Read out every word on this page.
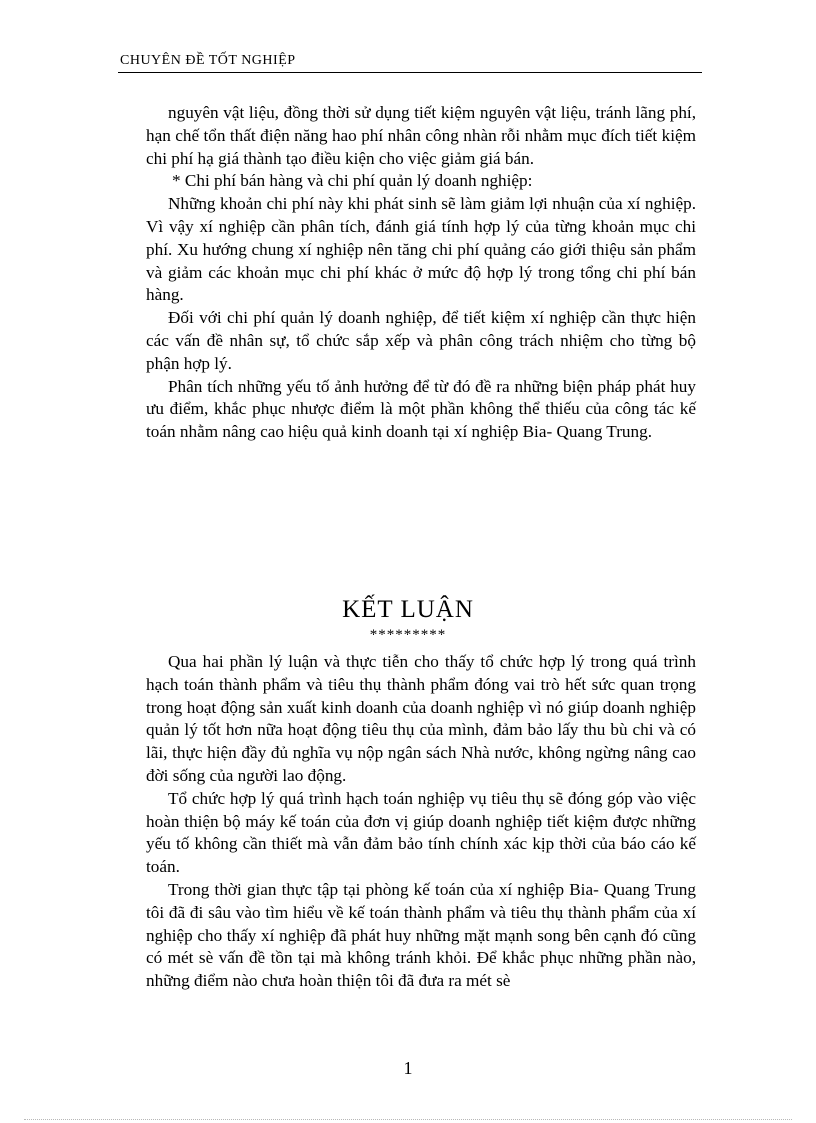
CHUYÊN ĐỀ TỐT NGHIỆP

nguyên vật liệu, đồng thời sử dụng tiết kiệm nguyên vật liệu, tránh lãng phí, hạn chế tổn thất điện năng hao phí nhân công nhàn rỗi nhằm mục đích tiết kiệm chi phí hạ giá thành tạo điều kiện cho việc giảm giá bán.

* Chi phí bán hàng và chi phí quản lý doanh nghiệp:

Những khoản chi phí này khi phát sinh sẽ làm giảm lợi nhuận của xí nghiệp. Vì vậy xí nghiệp cần phân tích, đánh giá tính hợp lý của từng khoản mục chi phí. Xu hướng chung xí nghiệp nên tăng chi phí quảng cáo giới thiệu sản phẩm và giảm các khoản mục chi phí khác ở mức độ hợp lý trong tổng chi phí bán hàng.

Đối với chi phí quản lý doanh nghiệp, để tiết kiệm xí nghiệp cần thực hiện các vấn đề nhân sự, tổ chức sắp xếp và phân công trách nhiệm cho từng bộ phận hợp lý.

Phân tích những yếu tố ảnh hưởng để từ đó đề ra những biện pháp phát huy ưu điểm, khắc phục nhược điểm là một phần không thể thiếu của công tác kế toán nhằm nâng cao hiệu quả kinh doanh tại xí nghiệp Bia- Quang Trung.

KẾT LUẬN
*********

Qua hai phần lý luận và thực tiễn cho thấy tổ chức hợp lý trong quá trình hạch toán thành phẩm và tiêu thụ thành phẩm đóng vai trò hết sức quan trọng trong hoạt động sản xuất kinh doanh của doanh nghiệp vì nó giúp doanh nghiệp quản lý tốt hơn nữa hoạt động tiêu thụ của mình, đảm bảo lấy thu bù chi và có lãi, thực hiện đầy đủ nghĩa vụ nộp ngân sách Nhà nước, không ngừng nâng cao đời sống của người lao động.

Tổ chức hợp lý quá trình hạch toán nghiệp vụ tiêu thụ sẽ đóng góp vào việc hoàn thiện bộ máy kế toán của đơn vị giúp doanh nghiệp tiết kiệm được những yếu tố không cần thiết mà vẫn đảm bảo tính chính xác kịp thời của báo cáo kế toán.

Trong thời gian thực tập tại phòng kế toán của xí nghiệp Bia- Quang Trung tôi đã đi sâu vào tìm hiểu về kế toán thành phẩm và tiêu thụ thành phẩm của xí nghiệp cho thấy xí nghiệp đã phát huy những mặt mạnh song bên cạnh đó cũng có mét sè vấn đề tồn tại mà không tránh khỏi. Để khắc phục những phần nào, những điểm nào chưa hoàn thiện tôi đã đưa ra mét sè

1
